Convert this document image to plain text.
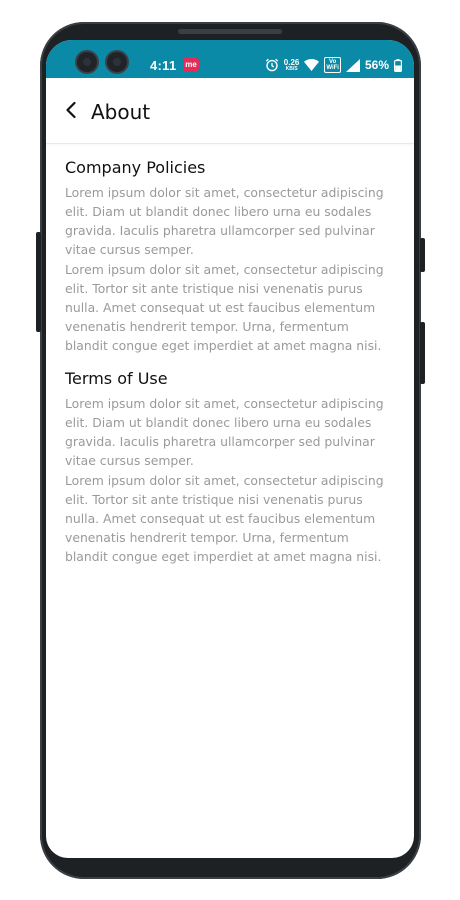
4:11 me	0.26
KB/S
Vo
WiFi 56%
About
Company Policies

Lorem ipsum dolor sit amet, consectetur adipiscing elit. Diam ut blandit donec libero urna eu sodales gravida. Iaculis pharetra ullamcorper sed pulvinar vitae cursus semper.

Lorem ipsum dolor sit amet, consectetur adipiscing elit. Tortor sit ante tristique nisi venenatis purus nulla. Amet consequat ut est faucibus elementum venenatis hendrerit tempor. Urna, fermentum blandit congue eget imperdiet at amet magna nisi.

Terms of Use

Lorem ipsum dolor sit amet, consectetur adipiscing elit. Diam ut blandit donec libero urna eu sodales gravida. Iaculis pharetra ullamcorper sed pulvinar vitae cursus semper.

Lorem ipsum dolor sit amet, consectetur adipiscing elit. Tortor sit ante tristique nisi venenatis purus nulla. Amet consequat ut est faucibus elementum venenatis hendrerit tempor. Urna, fermentum blandit congue eget imperdiet at amet magna nisi.
